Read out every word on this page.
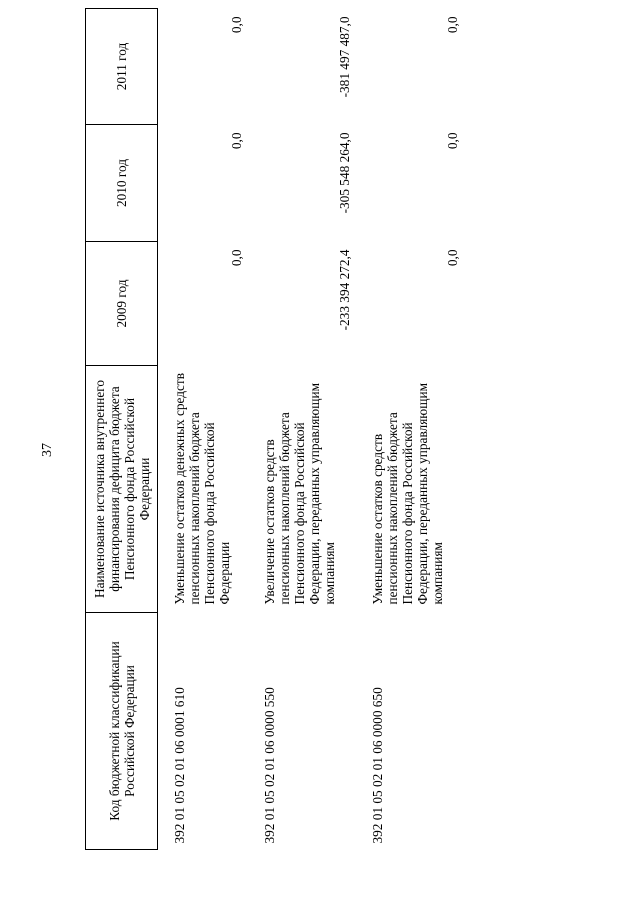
37
Код бюджетной классификации Российской Федерации	Наименование источника внутреннего финансирования дефицита бюджета Пенсионного фонда Российской Федерации	2009 год	2010 год	2011 год
392 01 05 02 01 06 0001 610	Уменьшение остатков денежных средств пенсионных накоплений бюджета Пенсионного фонда Российской Федерации	0,0	0,0	0,0
392 01 05 02 01 06 0000 550	Увеличение остатков средств пенсионных накоплений бюджета Пенсионного фонда Российской Федерации, переданных управляющим компаниям	-233 394 272,4	-305 548 264,0	-381 497 487,0
392 01 05 02 01 06 0000 650	Уменьшение остатков средств пенсионных накоплений бюджета Пенсионного фонда Российской Федерации, переданных управляющим компаниям	0,0	0,0	0,0
